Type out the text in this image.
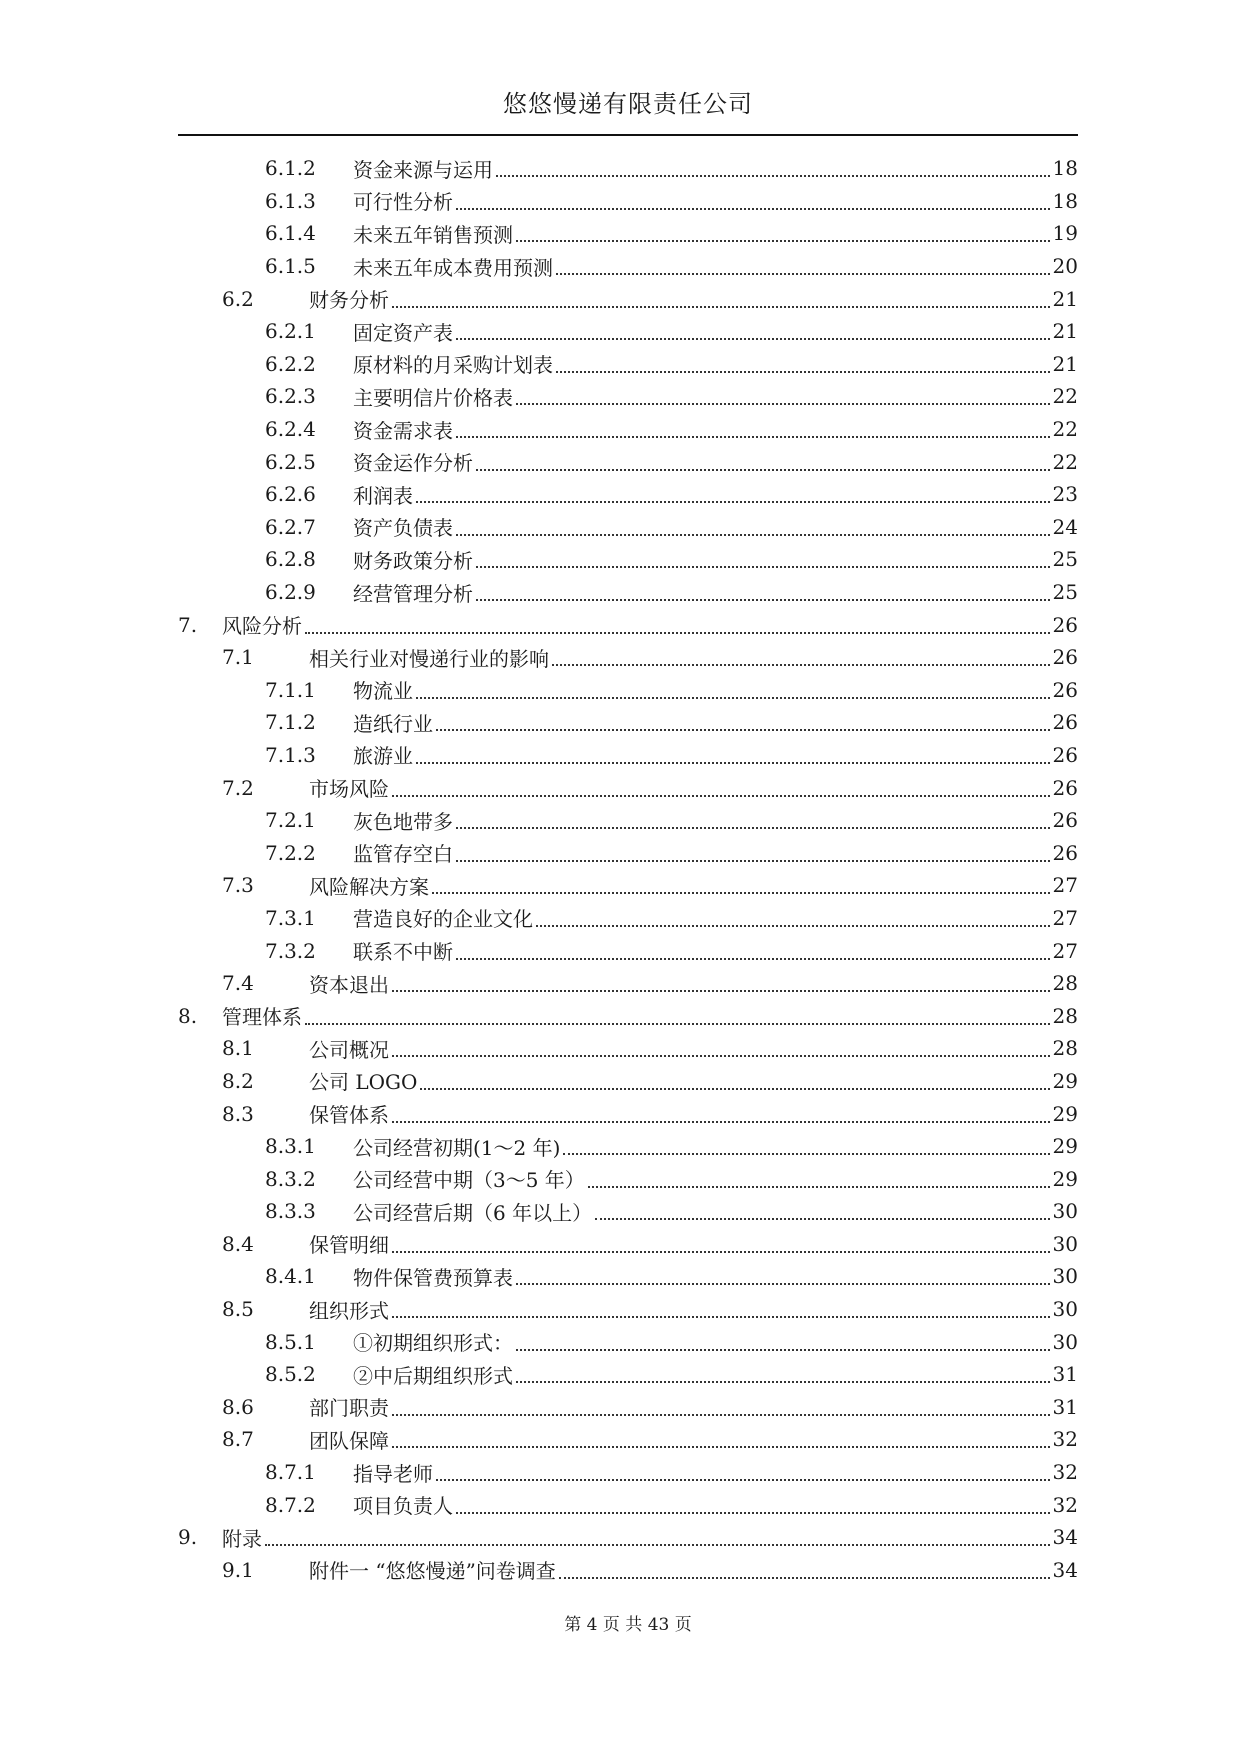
悠悠慢递有限责任公司
6.1.2	资金来源与运用	18
6.1.3	可行性分析	18
6.1.4	未来五年销售预测	19
6.1.5	未来五年成本费用预测	20
6.2	财务分析	21
6.2.1	固定资产表	21
6.2.2	原材料的月采购计划表	21
6.2.3	主要明信片价格表	22
6.2.4	资金需求表	22
6.2.5	资金运作分析	22
6.2.6	利润表	23
6.2.7	资产负债表	24
6.2.8	财务政策分析	25
6.2.9	经营管理分析	25
7.	风险分析	26
7.1	相关行业对慢递行业的影响	26
7.1.1	物流业	26
7.1.2	造纸行业	26
7.1.3	旅游业	26
7.2	市场风险	26
7.2.1	灰色地带多	26
7.2.2	监管存空白	26
7.3	风险解决方案	27
7.3.1	营造良好的企业文化	27
7.3.2	联系不中断	27
7.4	资本退出	28
8.	管理体系	28
8.1	公司概况	28
8.2	公司 LOGO	29
8.3	保管体系	29
8.3.1	公司经营初期(1～2 年)	29
8.3.2	公司经营中期（3～5 年）	29
8.3.3	公司经营后期（6 年以上）	30
8.4	保管明细	30
8.4.1	物件保管费预算表	30
8.5	组织形式	30
8.5.1	①初期组织形式：	30
8.5.2	②中后期组织形式	31
8.6	部门职责	31
8.7	团队保障	32
8.7.1	指导老师	32
8.7.2	项目负责人	32
9.	附录	34
9.1	附件一 “悠悠慢递”问卷调查	34
第 4 页 共 43 页
